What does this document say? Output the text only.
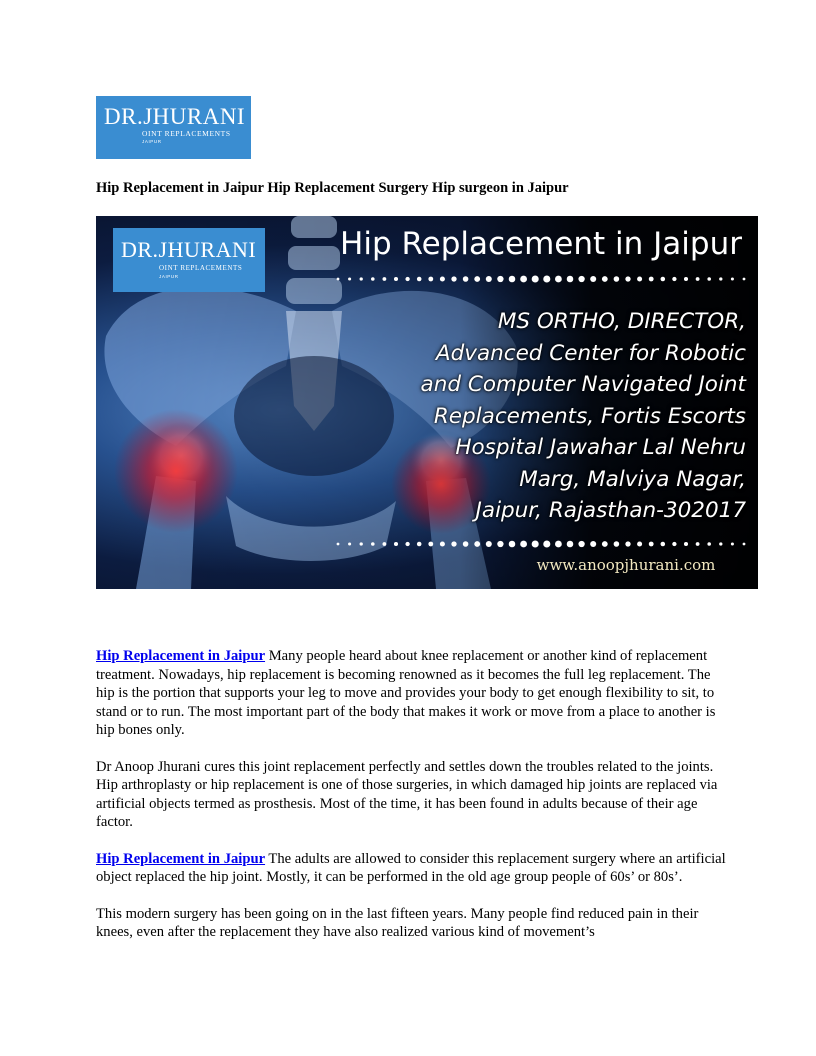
DR.JHURANI
OINT REPLACEMENTS
JAIPUR
Hip Replacement in Jaipur Hip Replacement Surgery Hip surgeon in Jaipur
DR.JHURANI
OINT REPLACEMENTS
JAIPUR
Hip Replacement in Jaipur
MS ORTHO, DIRECTOR,
Advanced Center for Robotic
and Computer Navigated Joint
Replacements, Fortis Escorts
Hospital Jawahar Lal Nehru
Marg, Malviya Nagar,
Jaipur, Rajasthan-302017
www.anoopjhurani.com

Hip Replacement in Jaipur Many people heard about knee replacement or another kind of replacement treatment. Nowadays, hip replacement is becoming renowned as it becomes the full leg replacement. The hip is the portion that supports your leg to move and provides your body to get enough flexibility to sit, to stand or to run. The most important part of the body that makes it work or move from a place to another is hip bones only.

Dr Anoop Jhurani cures this joint replacement perfectly and settles down the troubles related to the joints. Hip arthroplasty or hip replacement is one of those surgeries, in which damaged hip joints are replaced via artificial objects termed as prosthesis. Most of the time, it has been found in adults because of their age factor.

Hip Replacement in Jaipur The adults are allowed to consider this replacement surgery where an artificial object replaced the hip joint. Mostly, it can be performed in the old age group people of 60s’ or 80s’.

This modern surgery has been going on in the last fifteen years. Many people find reduced pain in their knees, even after the replacement they have also realized various kind of movement’s
